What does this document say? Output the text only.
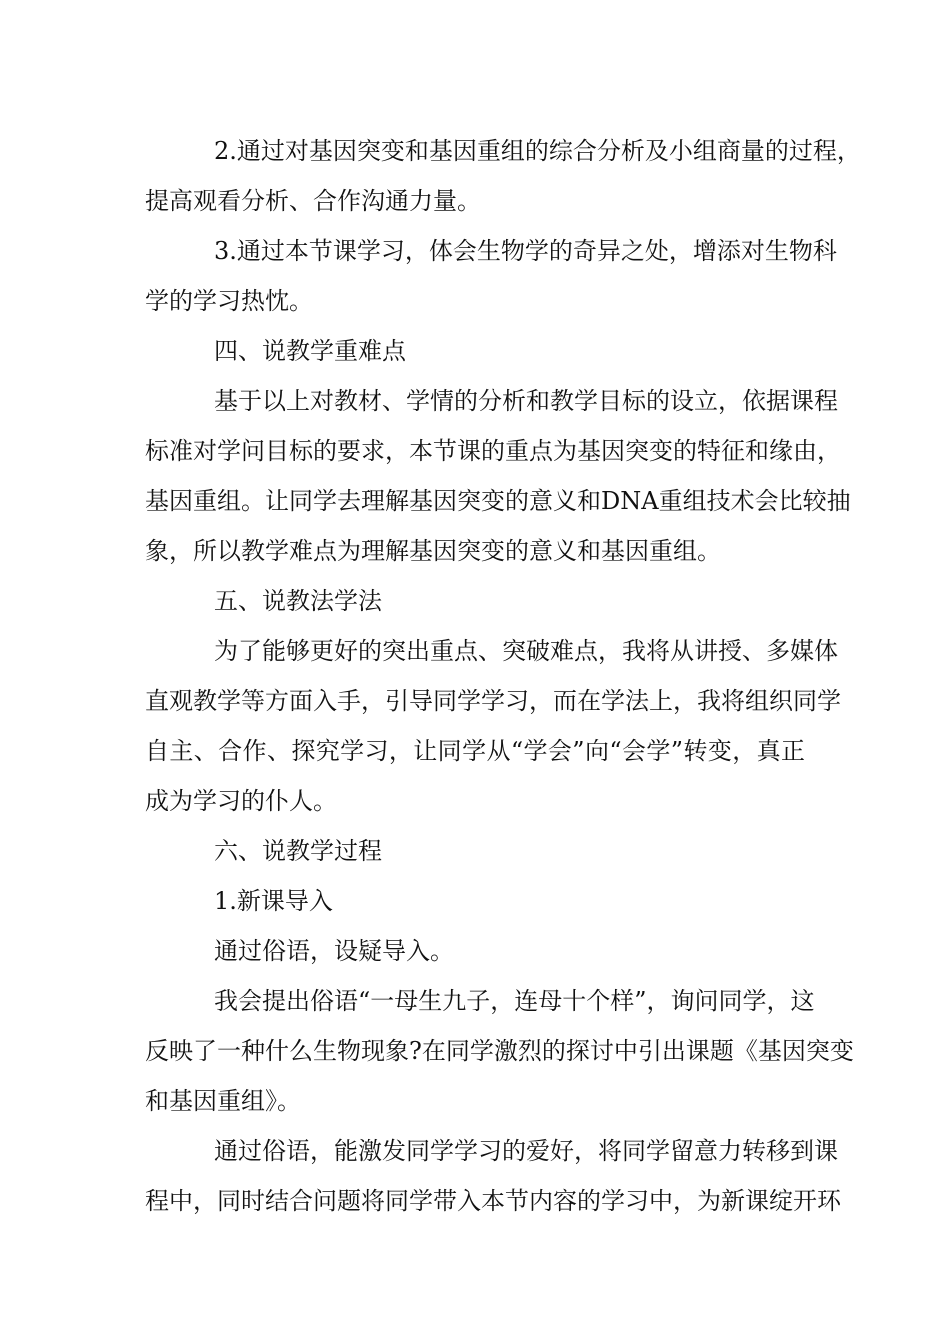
2.通过对基因突变和基因重组的综合分析及小组商量的过程，
提高观看分析、合作沟通力量。
3.通过本节课学习，体会生物学的奇异之处，增添对生物科
学的学习热忱。
四、说教学重难点
基于以上对教材、学情的分析和教学目标的设立，依据课程
标准对学问目标的要求，本节课的重点为基因突变的特征和缘由，
基因重组。让同学去理解基因突变的意义和DNA重组技术会比较抽
象，所以教学难点为理解基因突变的意义和基因重组。
五、说教法学法
为了能够更好的突出重点、突破难点，我将从讲授、多媒体
直观教学等方面入手，引导同学学习，而在学法上，我将组织同学
自主、合作、探究学习，让同学从“学会”向“会学”转变，真正
成为学习的仆人。
六、说教学过程
1.新课导入
通过俗语，设疑导入。
我会提出俗语“一母生九子，连母十个样”，询问同学，这
反映了一种什么生物现象?在同学激烈的探讨中引出课题《基因突变
和基因重组》。
通过俗语，能激发同学学习的爱好，将同学留意力转移到课
程中，同时结合问题将同学带入本节内容的学习中，为新课绽开环
